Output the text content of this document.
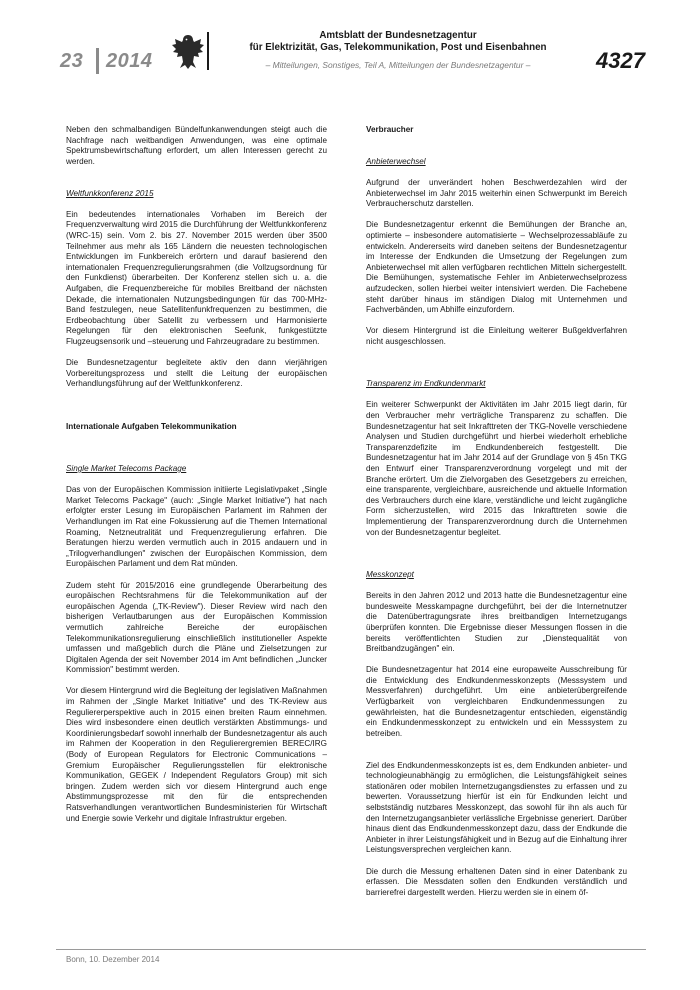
23 2014
Amtsblatt der Bundesnetzagentur
für Elektrizität, Gas, Telekommunikation, Post und Eisenbahnen
– Mitteilungen, Sonstiges, Teil A, Mitteilungen der Bundesnetzagentur –	4327

Neben den schmalbandigen Bündelfunkanwendungen steigt auch die Nachfrage nach weitbandigen Anwendungen, was eine optimale Spektrumsbewirtschaftung erfordert, um allen Interessen gerecht zu werden.

Weltfunkkonferenz 2015

Ein bedeutendes internationales Vorhaben im Bereich der Frequenzverwaltung wird 2015 die Durchführung der Weltfunkkonferenz (WRC-15) sein. Vom 2. bis 27. November 2015 werden über 3500 Teilnehmer aus mehr als 165 Ländern die neuesten technologischen Entwicklungen im Funkbereich erörtern und darauf basierend den internationalen Frequenzregulierungsrahmen (die Vollzugsordnung für den Funkdienst) überarbeiten. Der Konferenz stellen sich u. a. die Aufgaben, die Frequenzbereiche für mobiles Breitband der nächsten Dekade, die internationalen Nutzungsbedingungen für das 700-MHz-Band festzulegen, neue Satellitenfunkfrequenzen zu bestimmen, die Erdbeobachtung über Satellit zu verbessern und Harmonisierte Regelungen für den elektronischen Seefunk, funkgestützte Flugzeugsensorik und –steuerung und Fahrzeugradare zu bestimmen.

Die Bundesnetzagentur begleitete aktiv den dann vierjährigen Vorbereitungsprozess und stellt die Leitung der europäischen Verhandlungsführung auf der Weltfunkkonferenz.

Internationale Aufgaben Telekommunikation
Single Market Telecoms Package

Das von der Europäischen Kommission initiierte Legislativpaket „Single Market Telecoms Package" (auch: „Single Market Initiative") hat nach erfolgter erster Lesung im Europäischen Parlament im Rahmen der Verhandlungen im Rat eine Fokussierung auf die Themen International Roaming, Netzneutralität und Frequenzregulierung erfahren. Die Beratungen hierzu werden vermutlich auch in 2015 andauern und in „Trilogverhandlungen" zwischen der Europäischen Kommission, dem Europäischen Parlament und dem Rat münden.

Zudem steht für 2015/2016 eine grundlegende Überarbeitung des europäischen Rechtsrahmens für die Telekommunikation auf der europäischen Agenda („TK-Review"). Dieser Review wird nach den bisherigen Verlautbarungen aus der Europäischen Kommission vermutlich zahlreiche Bereiche der europäischen Telekommunikationsregulierung einschließlich institutioneller Aspekte umfassen und maßgeblich durch die Pläne und Zielsetzungen zur Digitalen Agenda der seit November 2014 im Amt befindlichen „Juncker Kommission" bestimmt werden.

Vor diesem Hintergrund wird die Begleitung der legislativen Maßnahmen im Rahmen der „Single Market Initiative" und des TK-Review aus Reguliererperspektive auch in 2015 einen breiten Raum einnehmen. Dies wird insbesondere einen deutlich verstärkten Abstimmungs- und Koordinierungsbedarf sowohl innerhalb der Bundesnetzagentur als auch im Rahmen der Kooperation in den Regulierergremien BEREC/IRG (Body of European Regulators for Electronic Communications – Gremium Europäischer Regulierungsstellen für elektronische Kommunikation, GEGEK / Independent Regulators Group) mit sich bringen. Zudem werden sich vor diesem Hintergrund auch enge Abstimmungsprozesse mit den für die entsprechenden Ratsverhandlungen verantwortlichen Bundesministerien für Wirtschaft und Energie sowie Verkehr und digitale Infrastruktur ergeben.

Verbraucher
Anbieterwechsel

Aufgrund der unverändert hohen Beschwerdezahlen wird der Anbieterwechsel im Jahr 2015 weiterhin einen Schwerpunkt im Bereich Verbraucherschutz darstellen.

Die Bundesnetzagentur erkennt die Bemühungen der Branche an, optimierte – insbesondere automatisierte – Wechselprozessabläufe zu entwickeln. Andererseits wird daneben seitens der Bundesnetzagentur im Interesse der Endkunden die Umsetzung der Regelungen zum Anbieterwechsel mit allen verfügbaren rechtlichen Mitteln sichergestellt. Die Bemühungen, systematische Fehler im Anbieterwechselprozess aufzudecken, sollen hierbei weiter intensiviert werden. Die Fachebene steht darüber hinaus im ständigen Dialog mit Unternehmen und Fachverbänden, um Abhilfe einzufordern.

Vor diesem Hintergrund ist die Einleitung weiterer Bußgeldverfahren nicht ausgeschlossen.

Transparenz im Endkundenmarkt

Ein weiterer Schwerpunkt der Aktivitäten im Jahr 2015 liegt darin, für den Verbraucher mehr verträgliche Transparenz zu schaffen. Die Bundesnetzagentur hat seit Inkrafttreten der TKG-Novelle verschiedene Analysen und Studien durchgeführt und hierbei wiederholt erhebliche Transparenzdefizite im Endkundenbereich festgestellt. Die Bundesnetzagentur hat im Jahr 2014 auf der Grundlage von § 45n TKG den Entwurf einer Transparenzverordnung vorgelegt und mit der Branche erörtert. Um die Zielvorgaben des Gesetzgebers zu erreichen, eine transparente, vergleichbare, ausreichende und aktuelle Information des Verbrauchers durch eine klare, verständliche und leicht zugängliche Form sicherzustellen, wird 2015 das Inkrafttreten sowie die Implementierung der Transparenzverordnung durch die Unternehmen von der Bundesnetzagentur begleitet.

Messkonzept

Bereits in den Jahren 2012 und 2013 hatte die Bundesnetzagentur eine bundesweite Messkampagne durchgeführt, bei der die Internetnutzer die Datenübertragungsrate ihres breitbandigen Internetzugangs überprüfen konnten. Die Ergebnisse dieser Messungen flossen in die bereits veröffentlichten Studien zur „Dienstequalität von Breitbandzugängen" ein.

Die Bundesnetzagentur hat 2014 eine europaweite Ausschreibung für die Entwicklung des Endkundenmesskonzepts (Messsystem und Messverfahren) durchgeführt. Um eine anbieterübergreifende Verfügbarkeit von vergleichbaren Endkundenmessungen zu gewährleisten, hat die Bundesnetzagentur entschieden, eigenständig ein Endkundenmesskonzept zu entwickeln und ein Messsystem zu betreiben.

Ziel des Endkundenmesskonzepts ist es, dem Endkunden anbieter- und technologieunabhängig zu ermöglichen, die Leistungsfähigkeit seines stationären oder mobilen Internetzugangsdienstes zu erfassen und zu bewerten. Voraussetzung hierfür ist ein für Endkunden leicht und selbstständig nutzbares Messkonzept, das sowohl für ihn als auch für den Internetzugangsanbieter verlässliche Ergebnisse generiert. Darüber hinaus dient das Endkundenmesskonzept dazu, dass der Endkunde die Anbieter in ihrer Leistungsfähigkeit und in Bezug auf die Einhaltung ihrer Leistungsversprechen vergleichen kann.

Die durch die Messung erhaltenen Daten sind in einer Datenbank zu erfassen. Die Messdaten sollen den Endkunden verständlich und barrierefrei dargestellt werden. Hierzu werden sie in einem öf-

Bonn, 10. Dezember 2014
